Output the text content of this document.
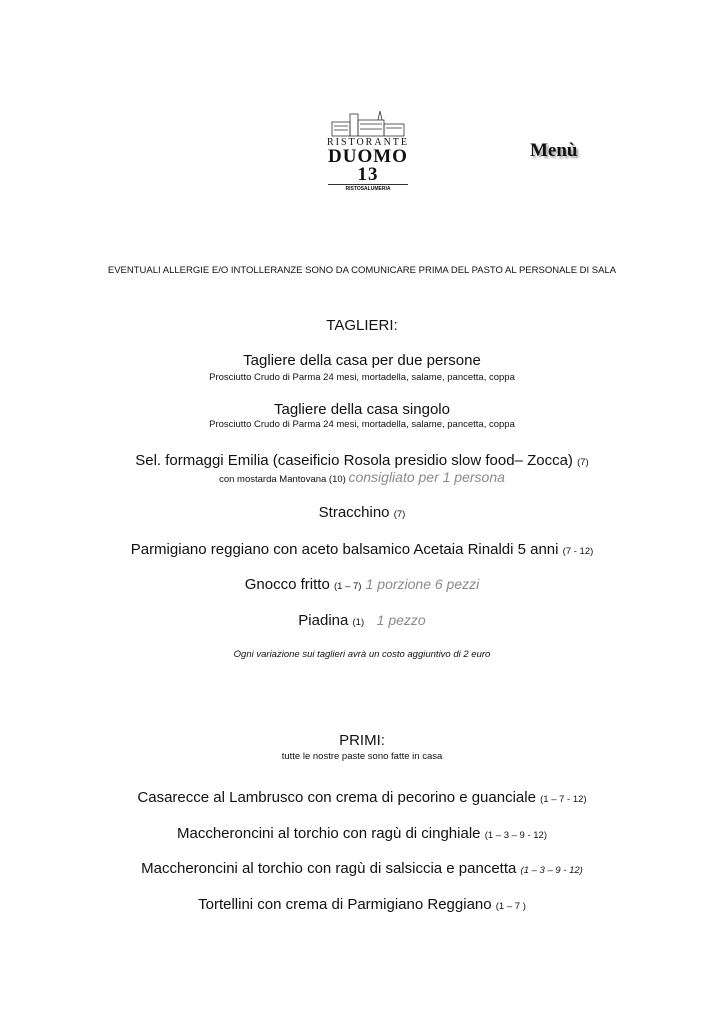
RISTORANTE
DUOMO 13
RISTOSALUMERIA
Menù
EVENTUALI ALLERGIE E/O INTOLLERANZE SONO DA COMUNICARE PRIMA DEL PASTO AL PERSONALE DI SALA
TAGLIERI:
Tagliere della casa per due persone
Prosciutto Crudo di Parma 24 mesi, mortadella, salame, pancetta, coppa
Tagliere della casa singolo
Prosciutto Crudo di Parma 24 mesi, mortadella, salame, pancetta, coppa
Sel. formaggi Emilia (caseificio Rosola presidio slow food– Zocca) (7)
con mostarda Mantovana (10) consigliato per 1 persona
Stracchino (7)
Parmigiano reggiano con aceto balsamico Acetaia Rinaldi 5 anni (7 - 12)
Gnocco fritto (1 – 7) 1 porzione 6 pezzi
Piadina (1) 1 pezzo
Ogni variazione sui taglieri avrà un costo aggiuntivo di 2 euro
PRIMI:
tutte le nostre paste sono fatte in casa
Casarecce al Lambrusco con crema di pecorino e guanciale (1 – 7 - 12)
Maccheroncini al torchio con ragù di cinghiale (1 – 3 – 9 - 12)
Maccheroncini al torchio con ragù di salsiccia e pancetta (1 – 3 – 9 - 12)
Tortellini con crema di Parmigiano Reggiano (1 – 7 )
